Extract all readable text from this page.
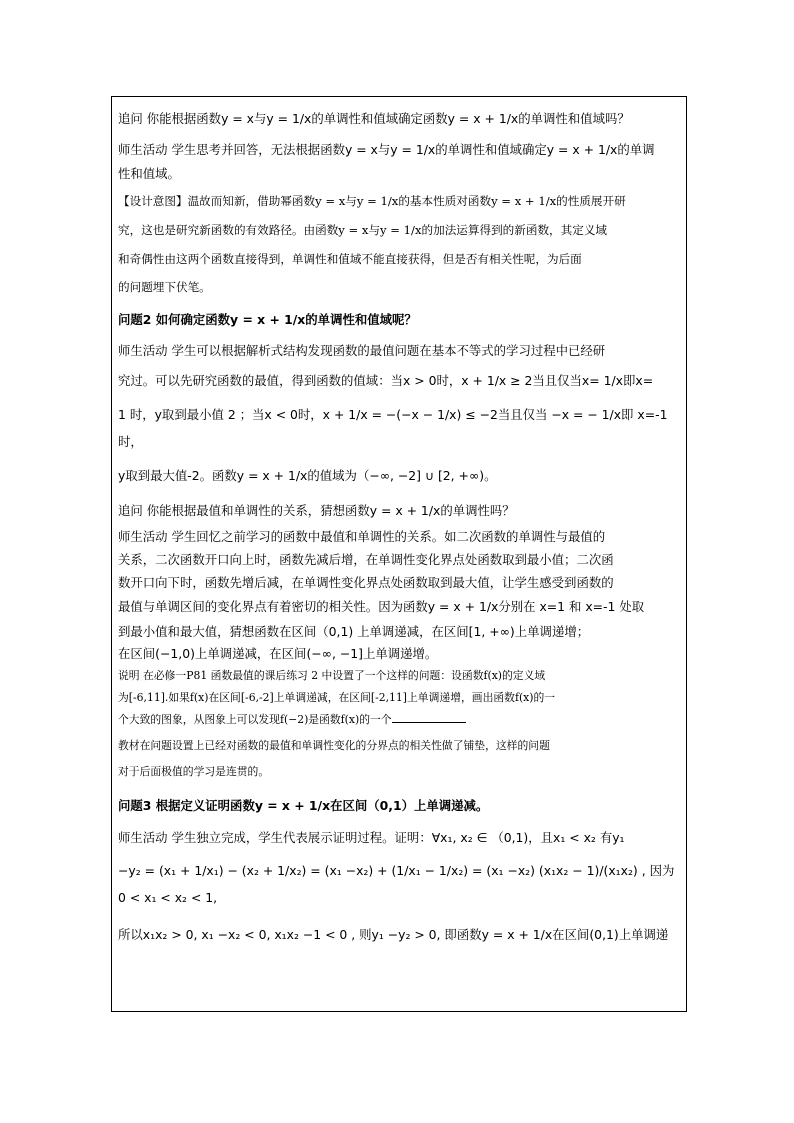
追问 你能根据函数y = x与y = 1/x的单调性和值域确定函数y = x + 1/x的单调性和值域吗？

师生活动 学生思考并回答，无法根据函数y = x与y = 1/x的单调性和值域确定y = x + 1/x的单调

性和值域。

【设计意图】温故而知新，借助幂函数y = x与y = 1/x的基本性质对函数y = x + 1/x的性质展开研

究，这也是研究新函数的有效路径。由函数y = x与y = 1/x的加法运算得到的新函数，其定义域

和奇偶性由这两个函数直接得到，单调性和值域不能直接获得，但是否有相关性呢，为后面

的问题埋下伏笔。

问题2 如何确定函数y = x + 1/x的单调性和值域呢？

师生活动 学生可以根据解析式结构发现函数的最值问题在基本不等式的学习过程中已经研

究过。可以先研究函数的最值，得到函数的值域：当x > 0时，x + 1/x ≥ 2当且仅当x= 1/x即x=

1 时，y取到最小值 2 ；当x < 0时，x + 1/x = −(−x − 1/x) ≤ −2当且仅当 −x = − 1/x即 x=-1 时，

y取到最大值-2。函数y = x + 1/x的值域为（−∞, −2] ∪ [2, +∞)。

追问 你能根据最值和单调性的关系，猜想函数y = x + 1/x的单调性吗？

师生活动 学生回忆之前学习的函数中最值和单调性的关系。如二次函数的单调性与最值的

关系，二次函数开口向上时，函数先减后增，在单调性变化界点处函数取到最小值；二次函

数开口向下时，函数先增后减，在单调性变化界点处函数取到最大值，让学生感受到函数的

最值与单调区间的变化界点有着密切的相关性。因为函数y = x + 1/x分别在 x=1 和 x=-1 处取

到最小值和最大值，猜想函数在区间（0,1) 上单调递减，在区间[1, +∞)上单调递增；

在区间(−1,0)上单调递减，在区间(−∞, −1]上单调递增。

说明 在必修一P81 函数最值的课后练习 2 中设置了一个这样的问题：设函数f(x)的定义域

为[-6,11].如果f(x)在区间[-6,-2]上单调递减，在区间[-2,11]上单调递增，画出函数f(x)的一

个大致的图象，从图象上可以发现f(−2)是函数f(x)的一个

教材在问题设置上已经对函数的最值和单调性变化的分界点的相关性做了铺垫，这样的问题

对于后面极值的学习是连贯的。

问题3 根据定义证明函数y = x + 1/x在区间（0,1）上单调递减。

师生活动 学生独立完成，学生代表展示证明过程。证明：∀x₁, x₂ ∈ （0,1)，且x₁ < x₂ 有y₁

−y₂ = (x₁ + 1/x₁) − (x₂ + 1/x₂) = (x₁ −x₂) + (1/x₁ − 1/x₂) = (x₁ −x₂) (x₁x₂ − 1)/(x₁x₂) , 因为 0 < x₁ < x₂ < 1,

所以x₁x₂ > 0, x₁ −x₂ < 0, x₁x₂ −1 < 0 , 则y₁ −y₂ > 0, 即函数y = x + 1/x在区间(0,1)上单调递
